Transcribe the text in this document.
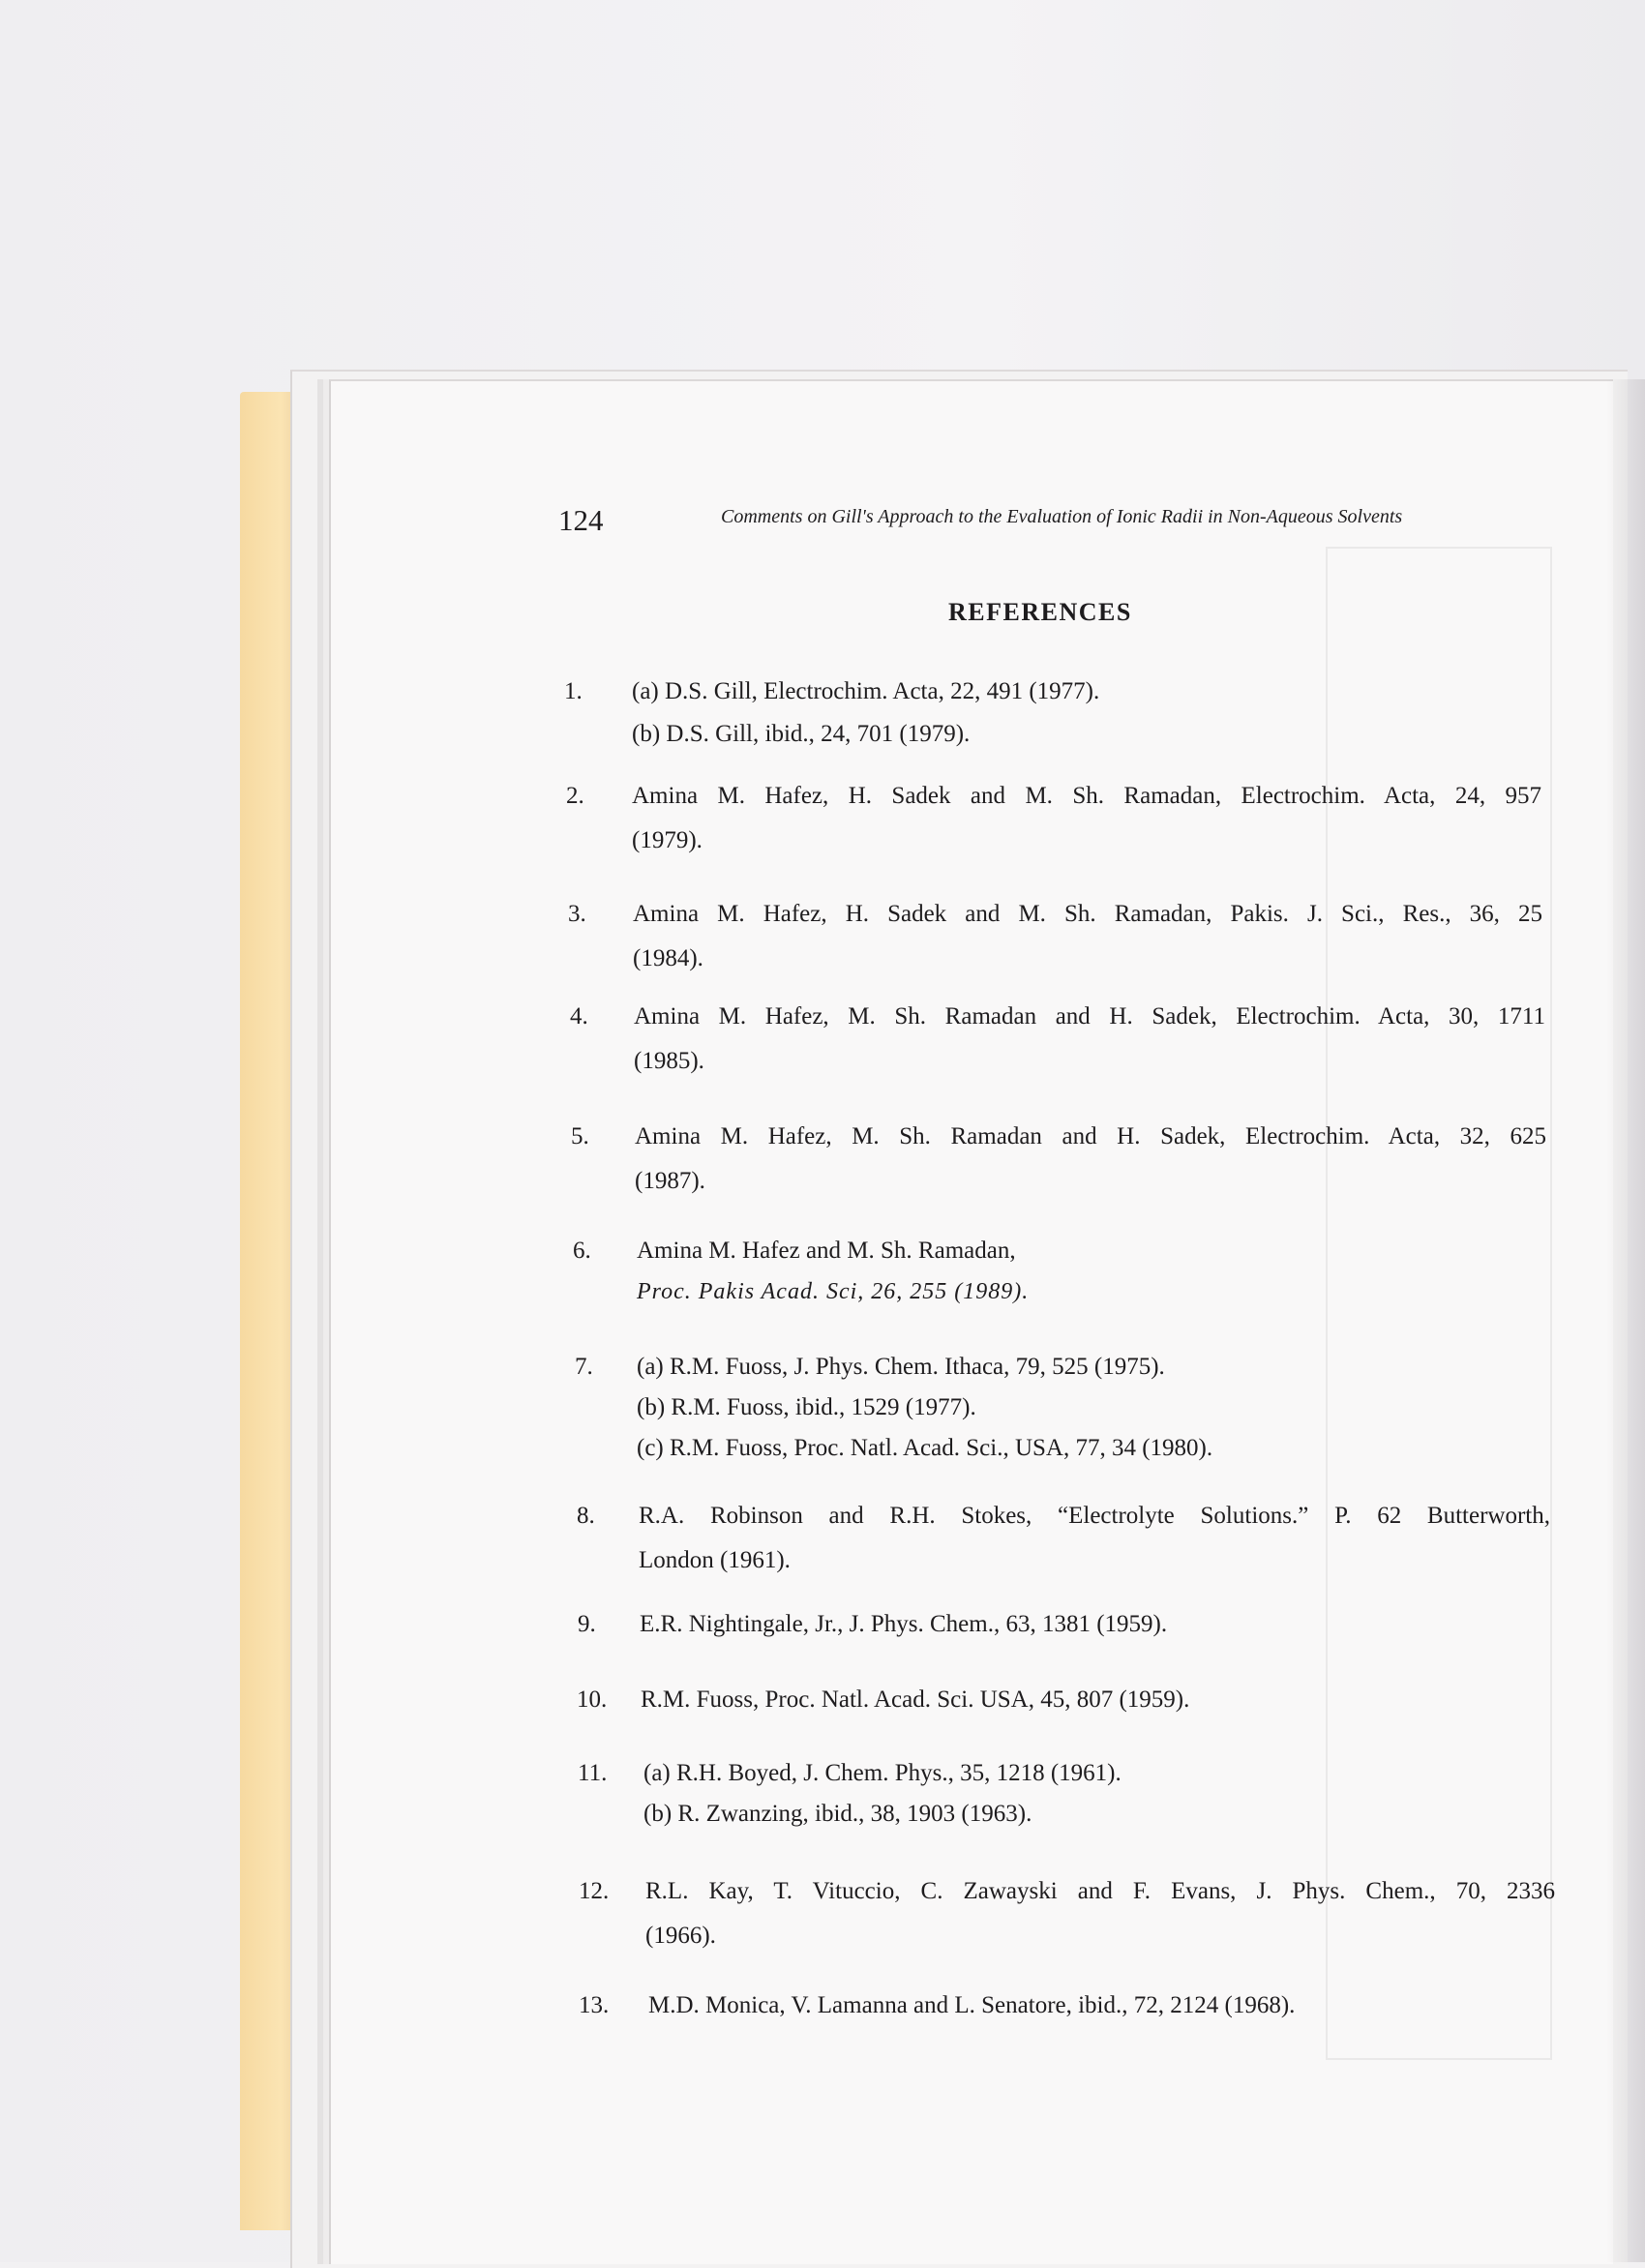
124	Comments on Gill's Approach to the Evaluation of Ionic Radii in Non-Aqueous Solvents
REFERENCES
1. (a) D.S. Gill, Electrochim. Acta, 22, 491 (1977).
(b) D.S. Gill, ibid., 24, 701 (1979).
2. Amina M. Hafez, H. Sadek and M. Sh. Ramadan, Electrochim. Acta, 24, 957
(1979).
3. Amina M. Hafez, H. Sadek and M. Sh. Ramadan, Pakis. J. Sci., Res., 36, 25
(1984).
4. Amina M. Hafez, M. Sh. Ramadan and H. Sadek, Electrochim. Acta, 30, 1711
(1985).
5. Amina M. Hafez, M. Sh. Ramadan and H. Sadek, Electrochim. Acta, 32, 625
(1987).
6. Amina M. Hafez and M. Sh. Ramadan,
Proc. Pakis Acad. Sci, 26, 255 (1989).
7. (a) R.M. Fuoss, J. Phys. Chem. Ithaca, 79, 525 (1975).
(b) R.M. Fuoss, ibid., 1529 (1977).
(c) R.M. Fuoss, Proc. Natl. Acad. Sci., USA, 77, 34 (1980).
8. R.A. Robinson and R.H. Stokes, “Electrolyte Solutions.” P. 62 Butterworth,
London (1961).
9. E.R. Nightingale, Jr., J. Phys. Chem., 63, 1381 (1959).
10. R.M. Fuoss, Proc. Natl. Acad. Sci. USA, 45, 807 (1959).
11. (a) R.H. Boyed, J. Chem. Phys., 35, 1218 (1961).
(b) R. Zwanzing, ibid., 38, 1903 (1963).
12. R.L. Kay, T. Vituccio, C. Zawayski and F. Evans, J. Phys. Chem., 70, 2336
(1966).
13. M.D. Monica, V. Lamanna and L. Senatore, ibid., 72, 2124 (1968).
